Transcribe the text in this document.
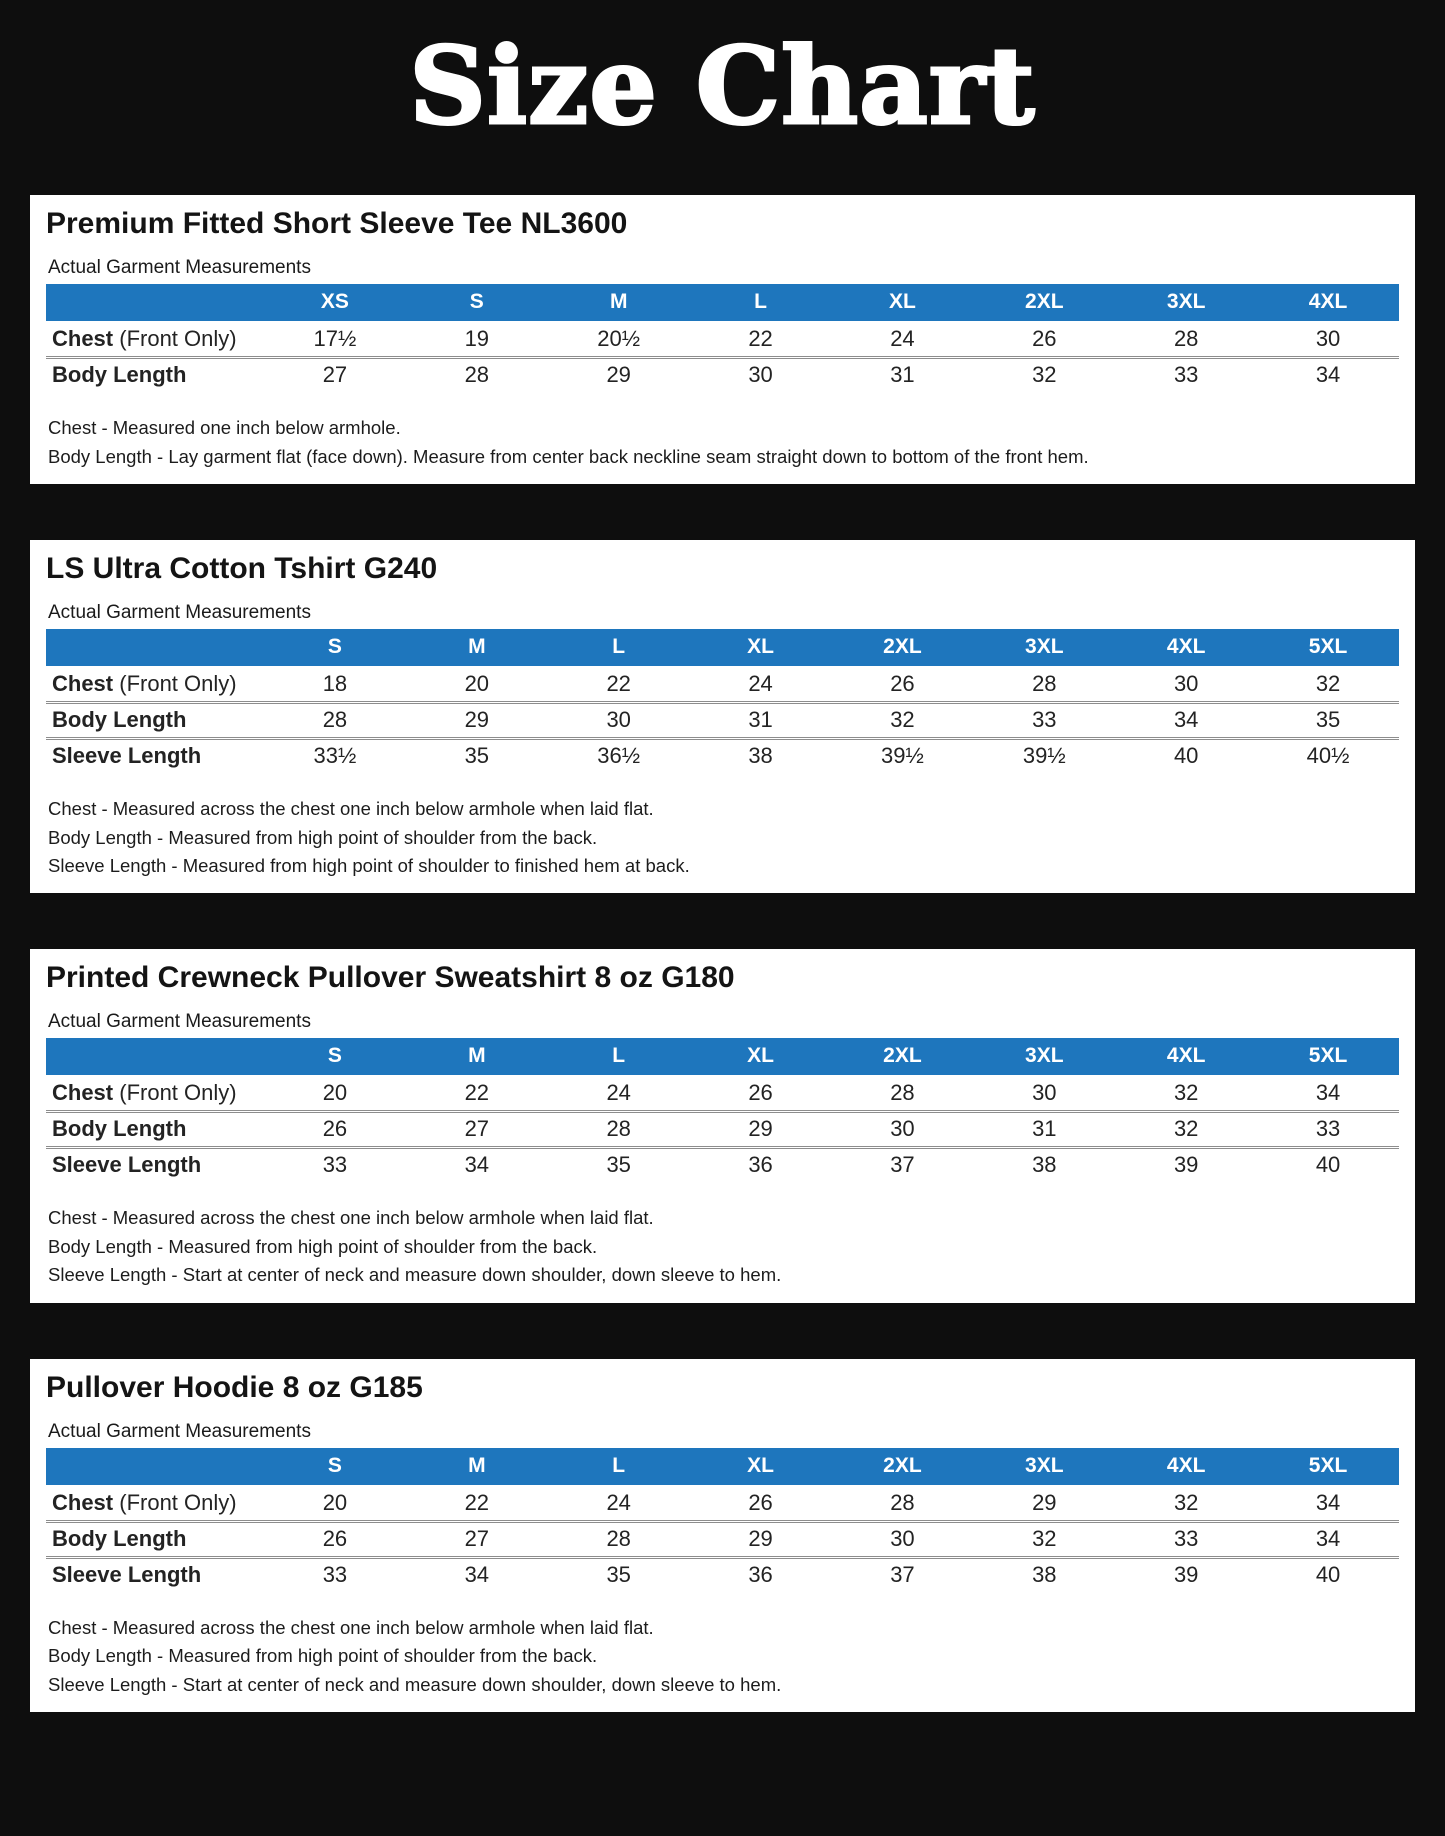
Size Chart
Premium Fitted Short Sleeve Tee NL3600
Actual Garment Measurements
	XS	S	M	L	XL	2XL	3XL	4XL
Chest (Front Only)	17½	19	20½	22	24	26	28	30
Body Length	27	28	29	30	31	32	33	34

Chest - Measured one inch below armhole.

Body Length - Lay garment flat (face down). Measure from center back neckline seam straight down to bottom of the front hem.

LS Ultra Cotton Tshirt G240
Actual Garment Measurements
	S	M	L	XL	2XL	3XL	4XL	5XL
Chest (Front Only)	18	20	22	24	26	28	30	32
Body Length	28	29	30	31	32	33	34	35
Sleeve Length	33½	35	36½	38	39½	39½	40	40½

Chest - Measured across the chest one inch below armhole when laid flat.

Body Length - Measured from high point of shoulder from the back.

Sleeve Length - Measured from high point of shoulder to finished hem at back.

Printed Crewneck Pullover Sweatshirt 8 oz G180
Actual Garment Measurements
	S	M	L	XL	2XL	3XL	4XL	5XL
Chest (Front Only)	20	22	24	26	28	30	32	34
Body Length	26	27	28	29	30	31	32	33
Sleeve Length	33	34	35	36	37	38	39	40

Chest - Measured across the chest one inch below armhole when laid flat.

Body Length - Measured from high point of shoulder from the back.

Sleeve Length - Start at center of neck and measure down shoulder, down sleeve to hem.

Pullover Hoodie 8 oz G185
Actual Garment Measurements
	S	M	L	XL	2XL	3XL	4XL	5XL
Chest (Front Only)	20	22	24	26	28	29	32	34
Body Length	26	27	28	29	30	32	33	34
Sleeve Length	33	34	35	36	37	38	39	40

Chest - Measured across the chest one inch below armhole when laid flat.

Body Length - Measured from high point of shoulder from the back.

Sleeve Length - Start at center of neck and measure down shoulder, down sleeve to hem.
